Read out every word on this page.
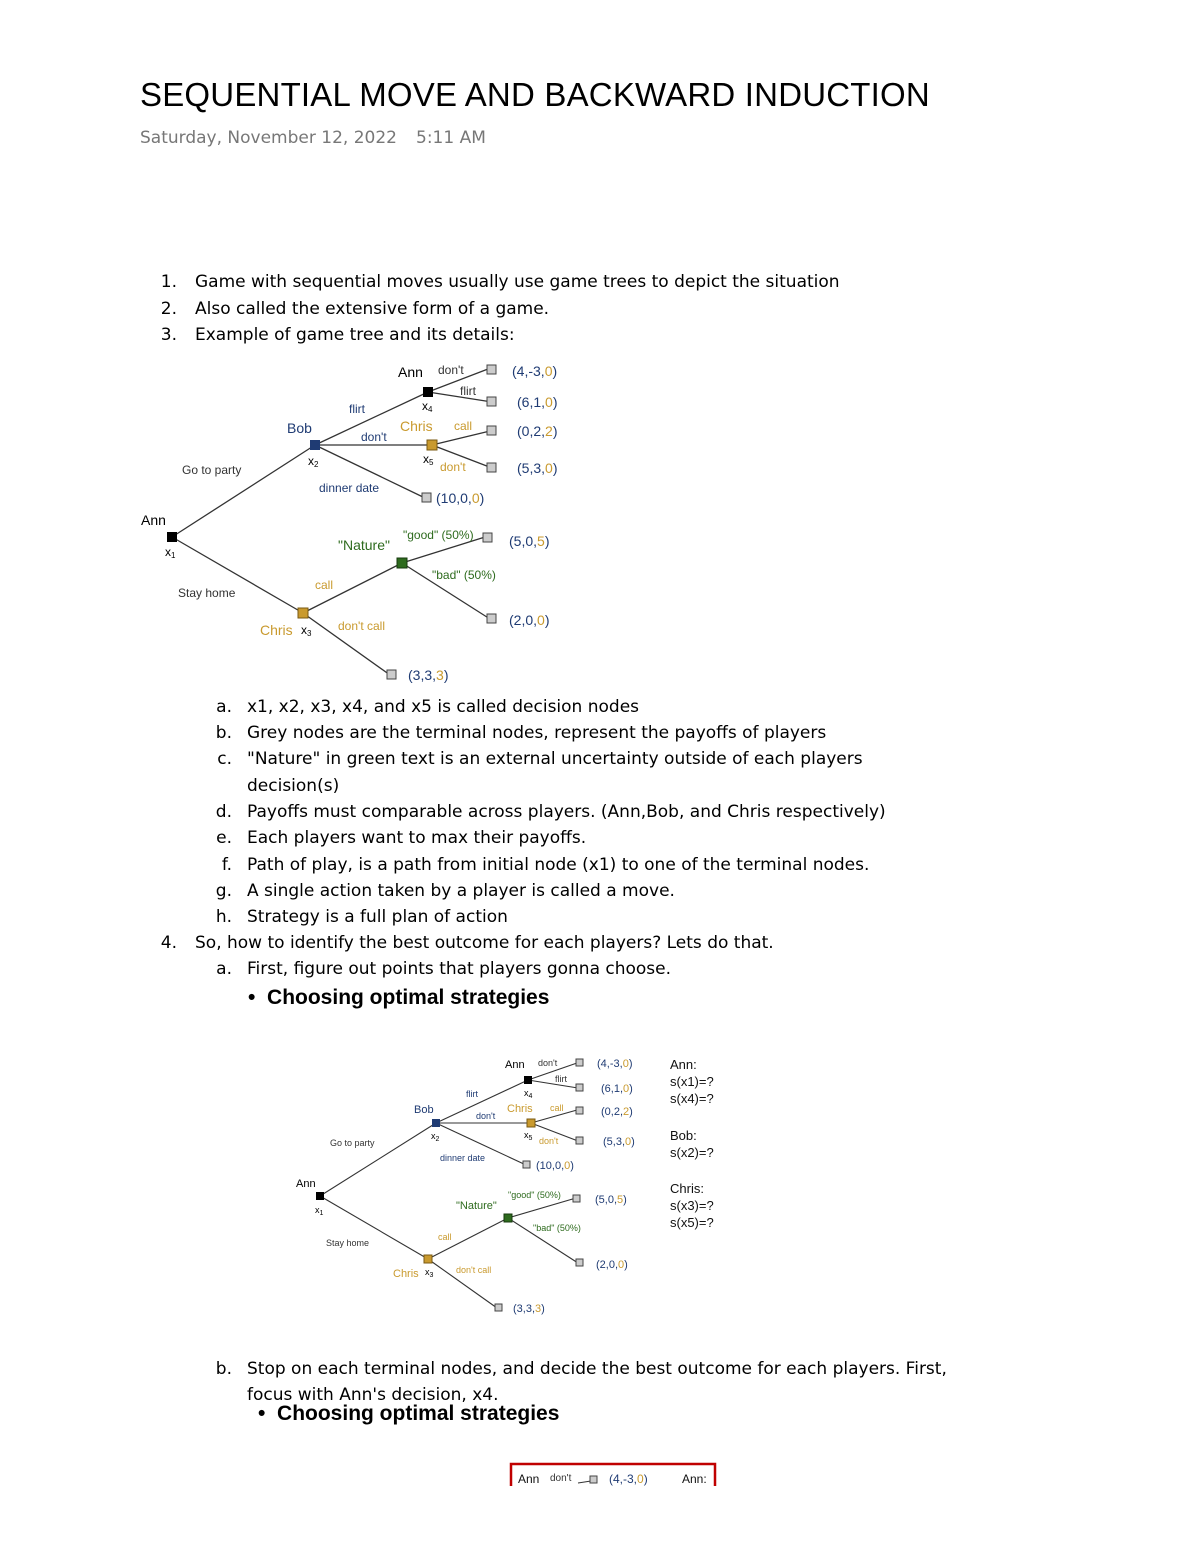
SEQUENTIAL MOVE AND BACKWARD INDUCTION
Saturday, November 12, 2022 5:11 AM
1. Game with sequential moves usually use game trees to depict the situation
2. Also called the extensive form of a game.
3. Example of game tree and its details:
Ann
Bob
Chris
Ann
Chris
"Nature"
x1
x2
x3
x4
x5
Go to party
Stay home
flirt
don't
dinner date
don't
flirt
call
don't
call
don't call
"good" (50%)
"bad" (50%)
(4,-3,0)
(6,1,0)
(0,2,2)
(5,3,0)
(10,0,0)
(5,0,5)
(2,0,0)
(3,3,3)
a. x1, x2, x3, x4, and x5 is called decision nodes
b. Grey nodes are the terminal nodes, represent the payoffs of players
c. "Nature" in green text is an external uncertainty outside of each players
decision(s)
d. Payoffs must comparable across players. (Ann,Bob, and Chris respectively)
e. Each players want to max their payoffs.
f. Path of play, is a path from initial node (x1) to one of the terminal nodes.
g. A single action taken by a player is called a move.
h. Strategy is a full plan of action
4. So, how to identify the best outcome for each players? Lets do that.
a. First, figure out points that players gonna choose.
•  Choosing optimal strategies
Ann
Bob
Chris
Ann
Chris
"Nature"
$x_1$
$x_2$
$x_3$
$x_4$
$x_5$
Go to party
Stay home
flirt
don't
dinner date
don't
flirt
call
don't
call
don't call
"good" (50%)
"bad" (50%)
(4,-3,0)
(6,1,0)
(0,2,2)
(5,3,0)
(10,0,0)
(5,0,5)
(2,0,0)
(3,3,3)
Ann:
s(x1)=?
s(x4)=?
Bob:
s(x2)=?
Chris:
s(x3)=?
s(x5)=?
b. Stop on each terminal nodes, and decide the best outcome for each players. First,
focus with Ann's decision, x4.
•  Choosing optimal strategies
Ann don't	(4,-3,0)	Ann:
